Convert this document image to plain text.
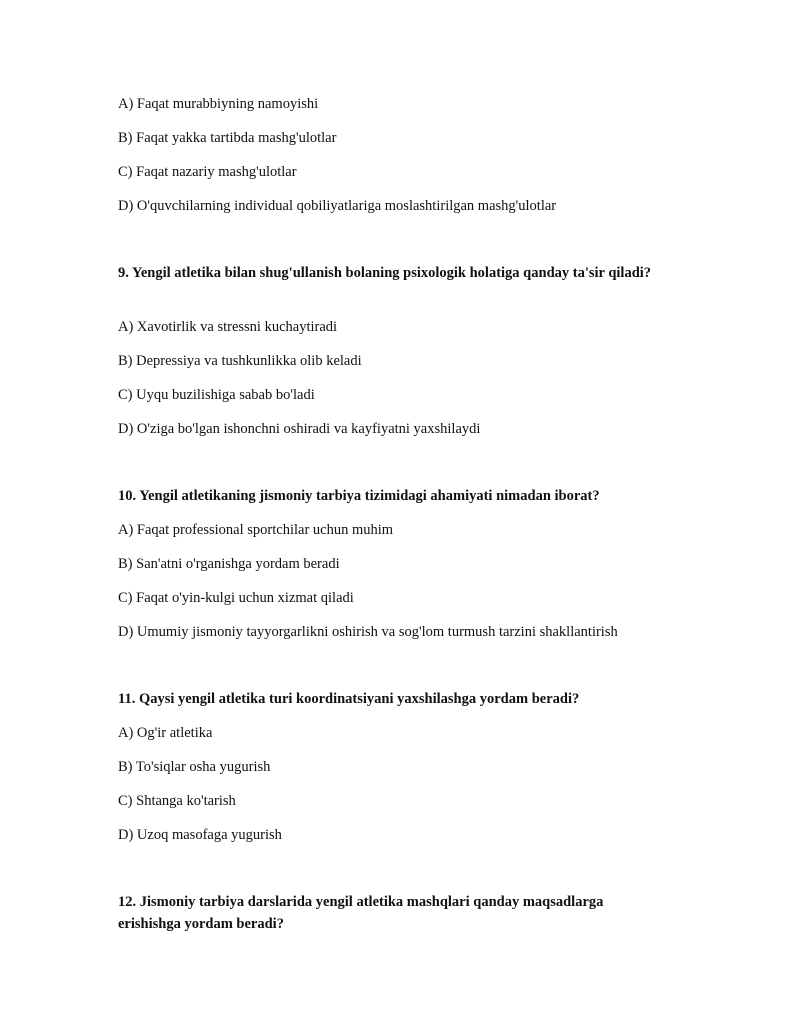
A) Faqat murabbiyning namoyishi
B) Faqat yakka tartibda mashg'ulotlar
C) Faqat nazariy mashg'ulotlar
D) O'quvchilarning individual qobiliyatlariga moslashtirilgan mashg'ulotlar
9. Yengil atletika bilan shug'ullanish bolaning psixologik holatiga qanday ta'sir qiladi?
A) Xavotirlik va stressni kuchaytiradi
B) Depressiya va tushkunlikka olib keladi
C) Uyqu buzilishiga sabab bo'ladi
D) O'ziga bo'lgan ishonchni oshiradi va kayfiyatni yaxshilaydi
10. Yengil atletikaning jismoniy tarbiya tizimidagi ahamiyati nimadan iborat?
A) Faqat professional sportchilar uchun muhim
B) San'atni o'rganishga yordam beradi
C) Faqat o'yin-kulgi uchun xizmat qiladi
D) Umumiy jismoniy tayyorgarlikni oshirish va sog'lom turmush tarzini shakllantirish
11. Qaysi yengil atletika turi koordinatsiyani yaxshilashga yordam beradi?
A) Og'ir atletika
B) To'siqlar osha yugurish
C) Shtanga ko'tarish
D) Uzoq masofaga yugurish
12. Jismoniy tarbiya darslarida yengil atletika mashqlari qanday maqsadlarga erishishga yordam beradi?
